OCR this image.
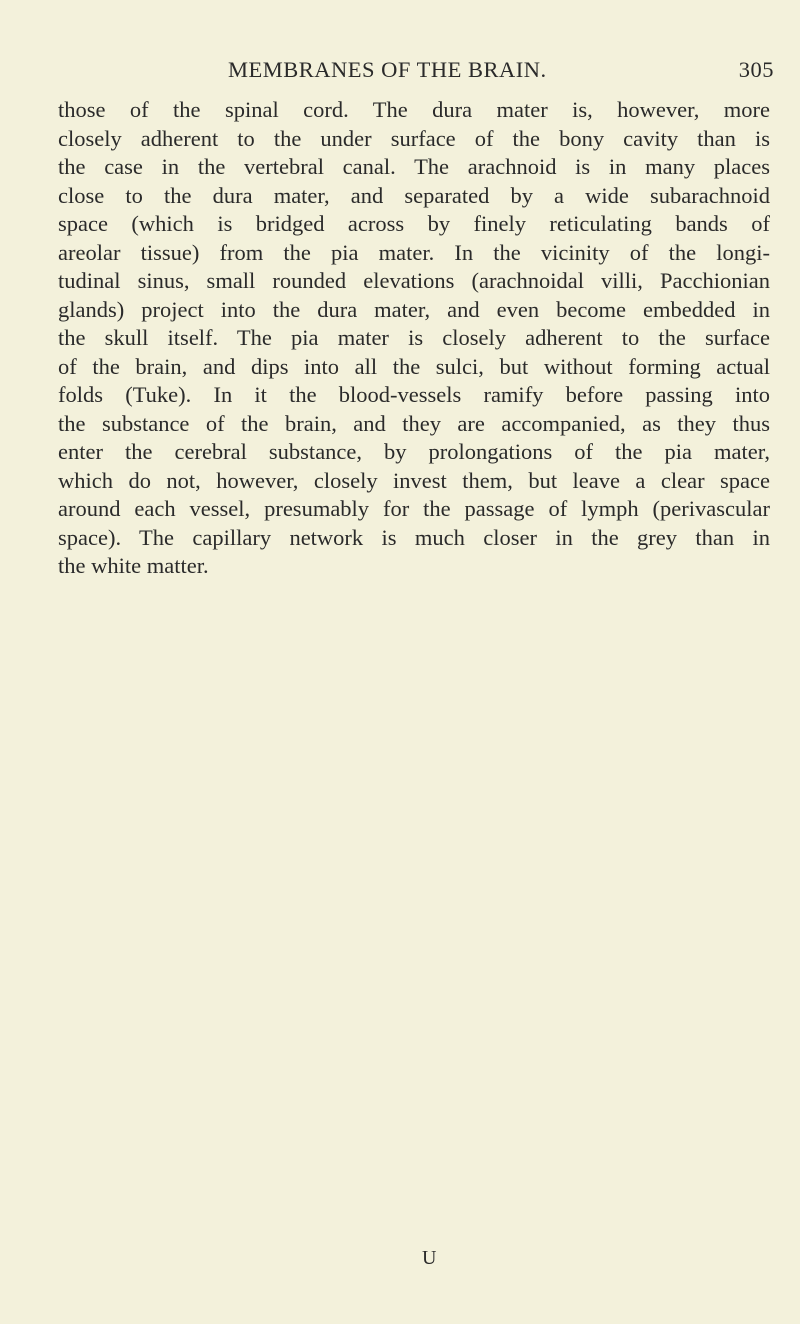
MEMBRANES OF THE BRAIN.	305
those of the spinal cord. The dura mater is, however, more
closely adherent to the under surface of the bony cavity than is
the case in the vertebral canal. The arachnoid is in many places
close to the dura mater, and separated by a wide subarachnoid
space (which is bridged across by finely reticulating bands of
areolar tissue) from the pia mater. In the vicinity of the longi-
tudinal sinus, small rounded elevations (arachnoidal villi, Pacchionian
glands) project into the dura mater, and even become embedded in
the skull itself. The pia mater is closely adherent to the surface
of the brain, and dips into all the sulci, but without forming actual
folds (Tuke). In it the blood-vessels ramify before passing into
the substance of the brain, and they are accompanied, as they thus
enter the cerebral substance, by prolongations of the pia mater,
which do not, however, closely invest them, but leave a clear space
around each vessel, presumably for the passage of lymph (perivascular
space). The capillary network is much closer in the grey than in
the white matter.
U
